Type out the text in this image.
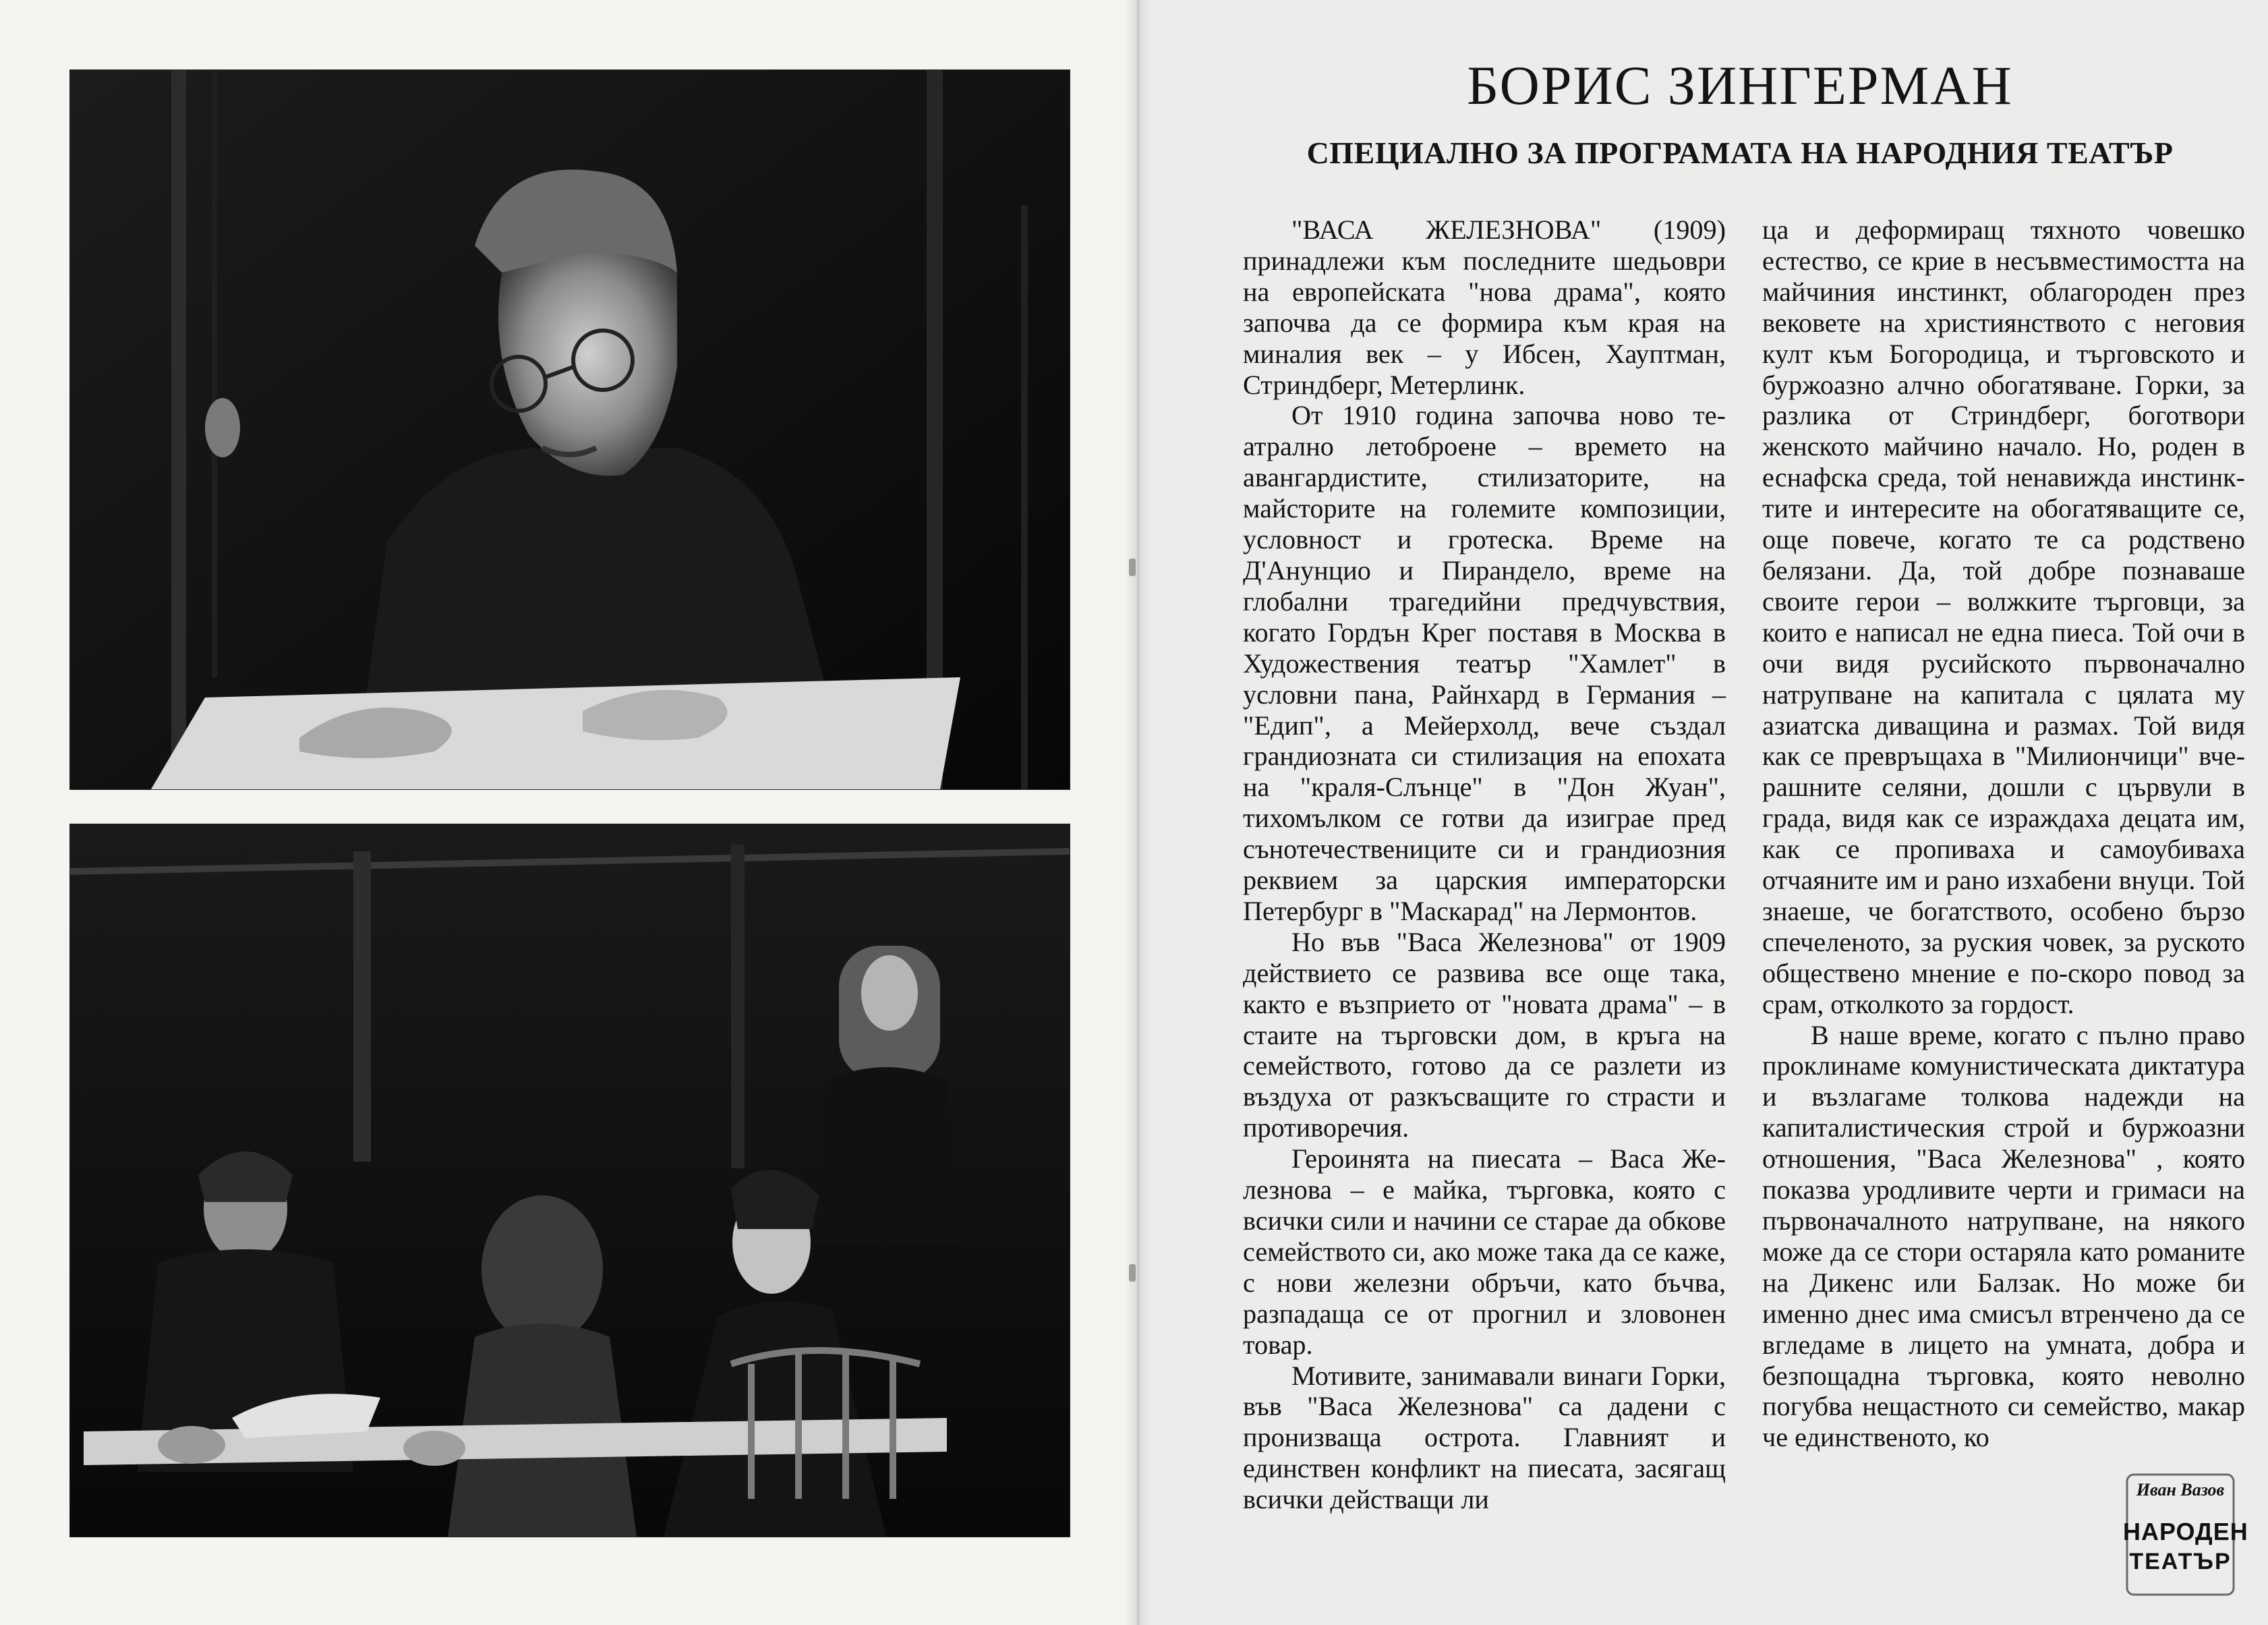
БОРИС ЗИНГЕРМАН
СПЕЦИАЛНО ЗА ПРОГРАМАТА НА НАРОДНИЯ ТЕАТЪР

"ВАСА ЖЕЛЕЗНОВА" (1909) принадлежи към последните шедьоври на европейската "нова драма", която започва да се формира към края на миналия век – у Ибсен, Хауптман, Стриндберг, Метерлинк.

От 1910 година започва ново театрално летоброене – времето на авангардистите, стилизаторите, на майсторите на големите композиции, условност и гротеска. Време на Д'Анунцио и Пирандело, време на глобални трагедийни предчувствия, когато Гордън Крег поставя в Москва в Художествения театър "Хамлет" в условни пана, Райнхард в Германия – "Едип", а Мейерхолд, вече създал грандиозната си стилизация на епохата на "краля-Слънце" в "Дон Жуан", тихомълком се готви да изиграе пред сънотечествениците си и грандиозния реквием за царския императорски Петербург в "Маскарад" на Лермонтов.

Но във "Васа Железнова" от 1909 действието се развива все още така, както е възприето от "новата драма" – в стаите на търговски дом, в кръга на семейството, готово да се разлети из въздуха от разкъсващите го страсти и противоречия.

Героинята на пиесата – Васа Железнова – е майка, търговка, която с всички сили и начини се старае да обкове семейството си, ако може така да се каже, с нови железни обръчи, като бъчва, разпадаща се от прогнил и зловонен товар.

Мотивите, занимавали винаги Горки, във "Васа Железнова" са дадени с пронизваща острота. Главният и единствен конфликт на пиесата, засягащ всички действащи ли

ца и деформиращ тяхното човешко естество, се крие в несъвместимостта на майчиния инстинкт, облагороден през вековете на християнството с неговия култ към Богородица, и търговското и буржоазно алчно обогатяване. Горки, за разлика от Стриндберг, боготвори женското майчино начало. Но, роден в еснафска среда, той ненавижда инстинктите и интересите на обогатяващите се, още повече, когато те са родствено белязани. Да, той добре познаваше своите герои – волжките търговци, за които е написал не една пиеса. Той очи в очи видя русийското първоначално натрупване на капитала с цялата му азиатска диващина и размах. Той видя как се превръщаха в "Милиончици" вчерашните селяни, дошли с цървули в града, видя как се израждаха децата им, как се пропиваха и самоубиваха отчаяните им и рано изхабени внуци. Той знаеше, че богатството, особено бързо спечеленото, за руския човек, за руското обществено мнение е по-скоро повод за срам, отколкото за гордост.

В наше време, когато с пълно право проклинаме комунистическата диктатура и възлагаме толкова надежди на капиталистическия строй и буржоазни отношения, "Васа Железнова" , която показва уродливите черти и гримаси на първоначалното натрупване, на някого може да се стори остаряла като романите на Дикенс или Балзак. Но може би именно днес има смисъл втренчено да се вгледаме в лицето на умната, добра и безпощадна търговка, която неволно погубва нещастното си семейство, макар че единственото, ко

Иван Вазов
НАРОДЕН
ТЕАТЪР
